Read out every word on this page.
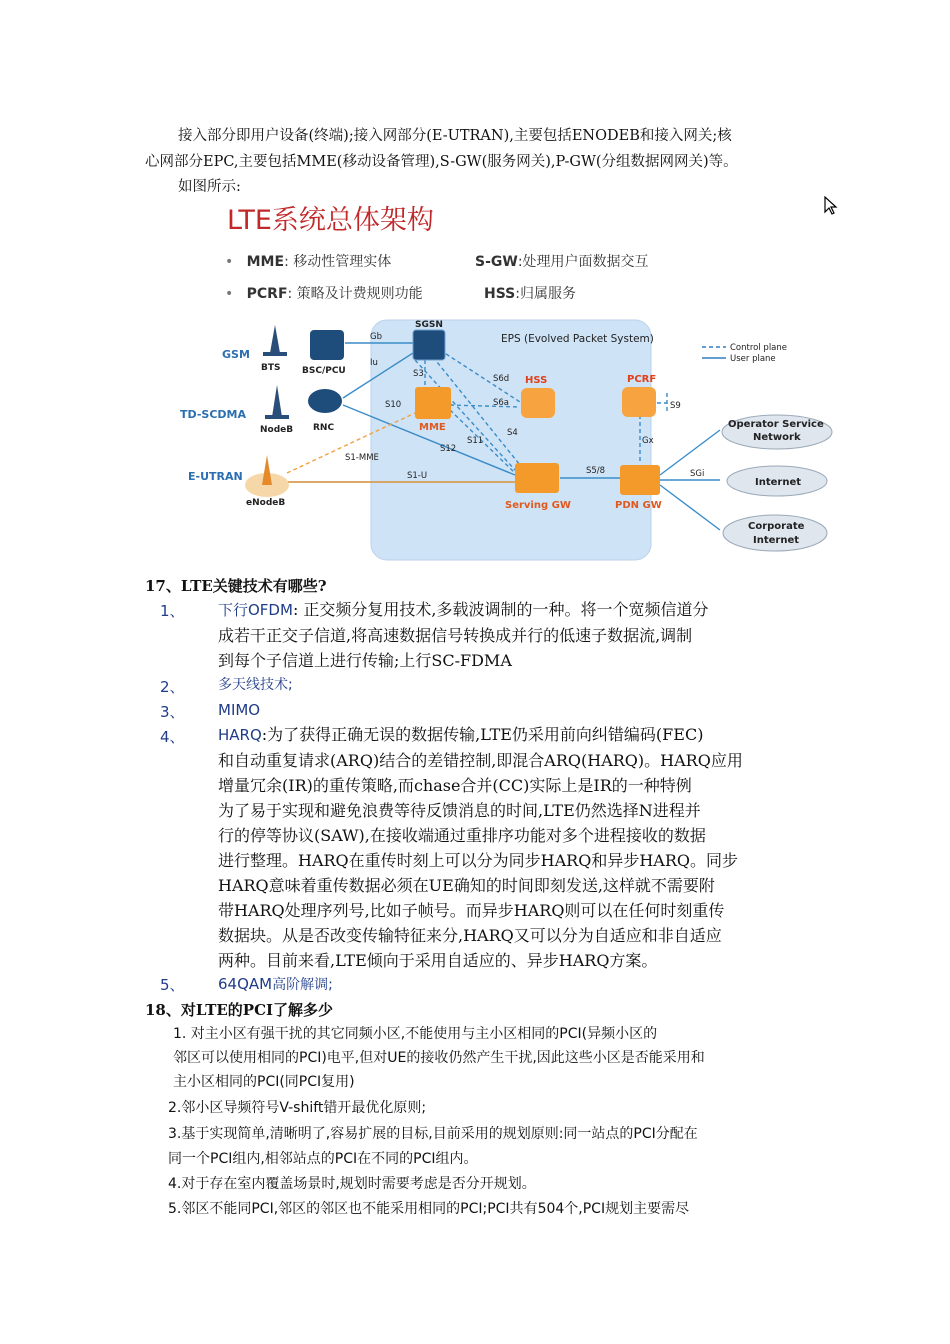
接入部分即用户设备(终端);接入网部分(E-UTRAN),主要包括ENODEB和接入网关;核
心网部分EPC,主要包括MME(移动设备管理),S-GW(服务网关),P-GW(分组数据网网关)等。
如图所示:
LTE系统总体架构
• MME: 移动性管理实体	S-GW:处理用户面数据交互
• PCRF: 策略及计费规则功能	HSS:归属服务
EPS (Evolved Packet System)
Control plane
User plane
Gb
Iu
S3	S6d
S6a
S10
S4
S11
S12
S1-MME
S1-U	S5/8
Gx
S9
SGi
GSM
TD-SCDMA
E-UTRAN
BTS
NodeB
eNodeB
BSC/PCU
RNC
SGSN
MME
HSS	PCRF
Serving GW	PDN GW
Operator Service
Network
Internet
Corporate
Internet
17、LTE关键技术有哪些?
1、 下行OFDM: 正交频分复用技术,多载波调制的一种。将一个宽频信道分
成若干正交子信道,将高速数据信号转换成并行的低速子数据流,调制
到每个子信道上进行传输;上行SC-FDMA
2、 多天线技术;
3、 MIMO
4、 HARQ:为了获得正确无误的数据传输,LTE仍采用前向纠错编码(FEC)
和自动重复请求(ARQ)结合的差错控制,即混合ARQ(HARQ)。HARQ应用
增量冗余(IR)的重传策略,而chase合并(CC)实际上是IR的一种特例
为了易于实现和避免浪费等待反馈消息的时间,LTE仍然选择N进程并
行的停等协议(SAW),在接收端通过重排序功能对多个进程接收的数据
进行整理。HARQ在重传时刻上可以分为同步HARQ和异步HARQ。同步
HARQ意味着重传数据必须在UE确知的时间即刻发送,这样就不需要附
带HARQ处理序列号,比如子帧号。而异步HARQ则可以在任何时刻重传
数据块。从是否改变传输特征来分,HARQ又可以分为自适应和非自适应
两种。目前来看,LTE倾向于采用自适应的、异步HARQ方案。
5、 64QAM高阶解调;
18、对LTE的PCI了解多少
1. 对主小区有强干扰的其它同频小区,不能使用与主小区相同的PCI(异频小区的
邻区可以使用相同的PCI)电平,但对UE的接收仍然产生干扰,因此这些小区是否能采用和
主小区相同的PCI(同PCI复用)
2.邻小区导频符号V-shift错开最优化原则;
3.基于实现简单,清晰明了,容易扩展的目标,目前采用的规划原则:同一站点的PCI分配在
同一个PCI组内,相邻站点的PCI在不同的PCI组内。
4.对于存在室内覆盖场景时,规划时需要考虑是否分开规划。
5.邻区不能同PCI,邻区的邻区也不能采用相同的PCI;PCI共有504个,PCI规划主要需尽
